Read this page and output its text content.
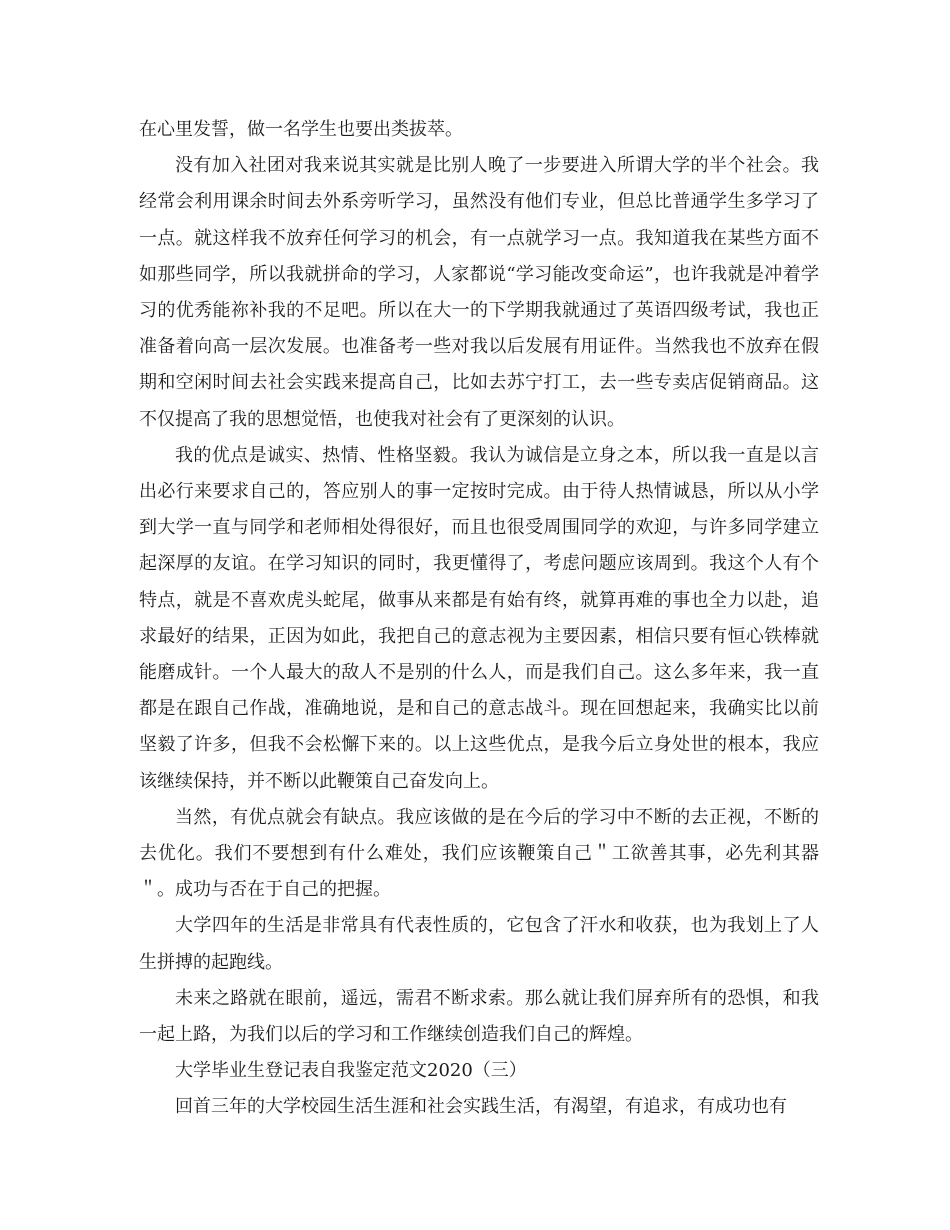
在心里发誓，做一名学生也要出类拔萃。

没有加入社团对我来说其实就是比别人晚了一步要进入所谓大学的半个社会。我经常会利用课余时间去外系旁听学习，虽然没有他们专业，但总比普通学生多学习了一点。就这样我不放弃任何学习的机会，有一点就学习一点。我知道我在某些方面不如那些同学，所以我就拼命的学习，人家都说“学习能改变命运”，也许我就是冲着学习的优秀能祢补我的不足吧。所以在大一的下学期我就通过了英语四级考试，我也正准备着向高一层次发展。也准备考一些对我以后发展有用证件。当然我也不放弃在假期和空闲时间去社会实践来提高自己，比如去苏宁打工，去一些专卖店促销商品。这不仅提高了我的思想觉悟，也使我对社会有了更深刻的认识。

我的优点是诚实、热情、性格坚毅。我认为诚信是立身之本，所以我一直是以言出必行来要求自己的，答应别人的事一定按时完成。由于待人热情诚恳，所以从小学到大学一直与同学和老师相处得很好，而且也很受周围同学的欢迎，与许多同学建立起深厚的友谊。在学习知识的同时，我更懂得了，考虑问题应该周到。我这个人有个特点，就是不喜欢虎头蛇尾，做事从来都是有始有终，就算再难的事也全力以赴，追求最好的结果，正因为如此，我把自己的意志视为主要因素，相信只要有恒心铁棒就能磨成针。一个人最大的敌人不是别的什么人，而是我们自己。这么多年来，我一直都是在跟自己作战，准确地说，是和自己的意志战斗。现在回想起来，我确实比以前坚毅了许多，但我不会松懈下来的。以上这些优点，是我今后立身处世的根本，我应该继续保持，并不断以此鞭策自己奋发向上。

当然，有优点就会有缺点。我应该做的是在今后的学习中不断的去正视，不断的去优化。我们不要想到有什么难处，我们应该鞭策自己＂工欲善其事，必先利其器＂。成功与否在于自己的把握。

大学四年的生活是非常具有代表性质的，它包含了汗水和收获，也为我划上了人生拼搏的起跑线。

未来之路就在眼前，遥远，需君不断求索。那么就让我们屏弃所有的恐惧，和我一起上路，为我们以后的学习和工作继续创造我们自己的辉煌。

大学毕业生登记表自我鉴定范文2020（三）

回首三年的大学校园生活生涯和社会实践生活，有渴望，有追求，有成功也有
